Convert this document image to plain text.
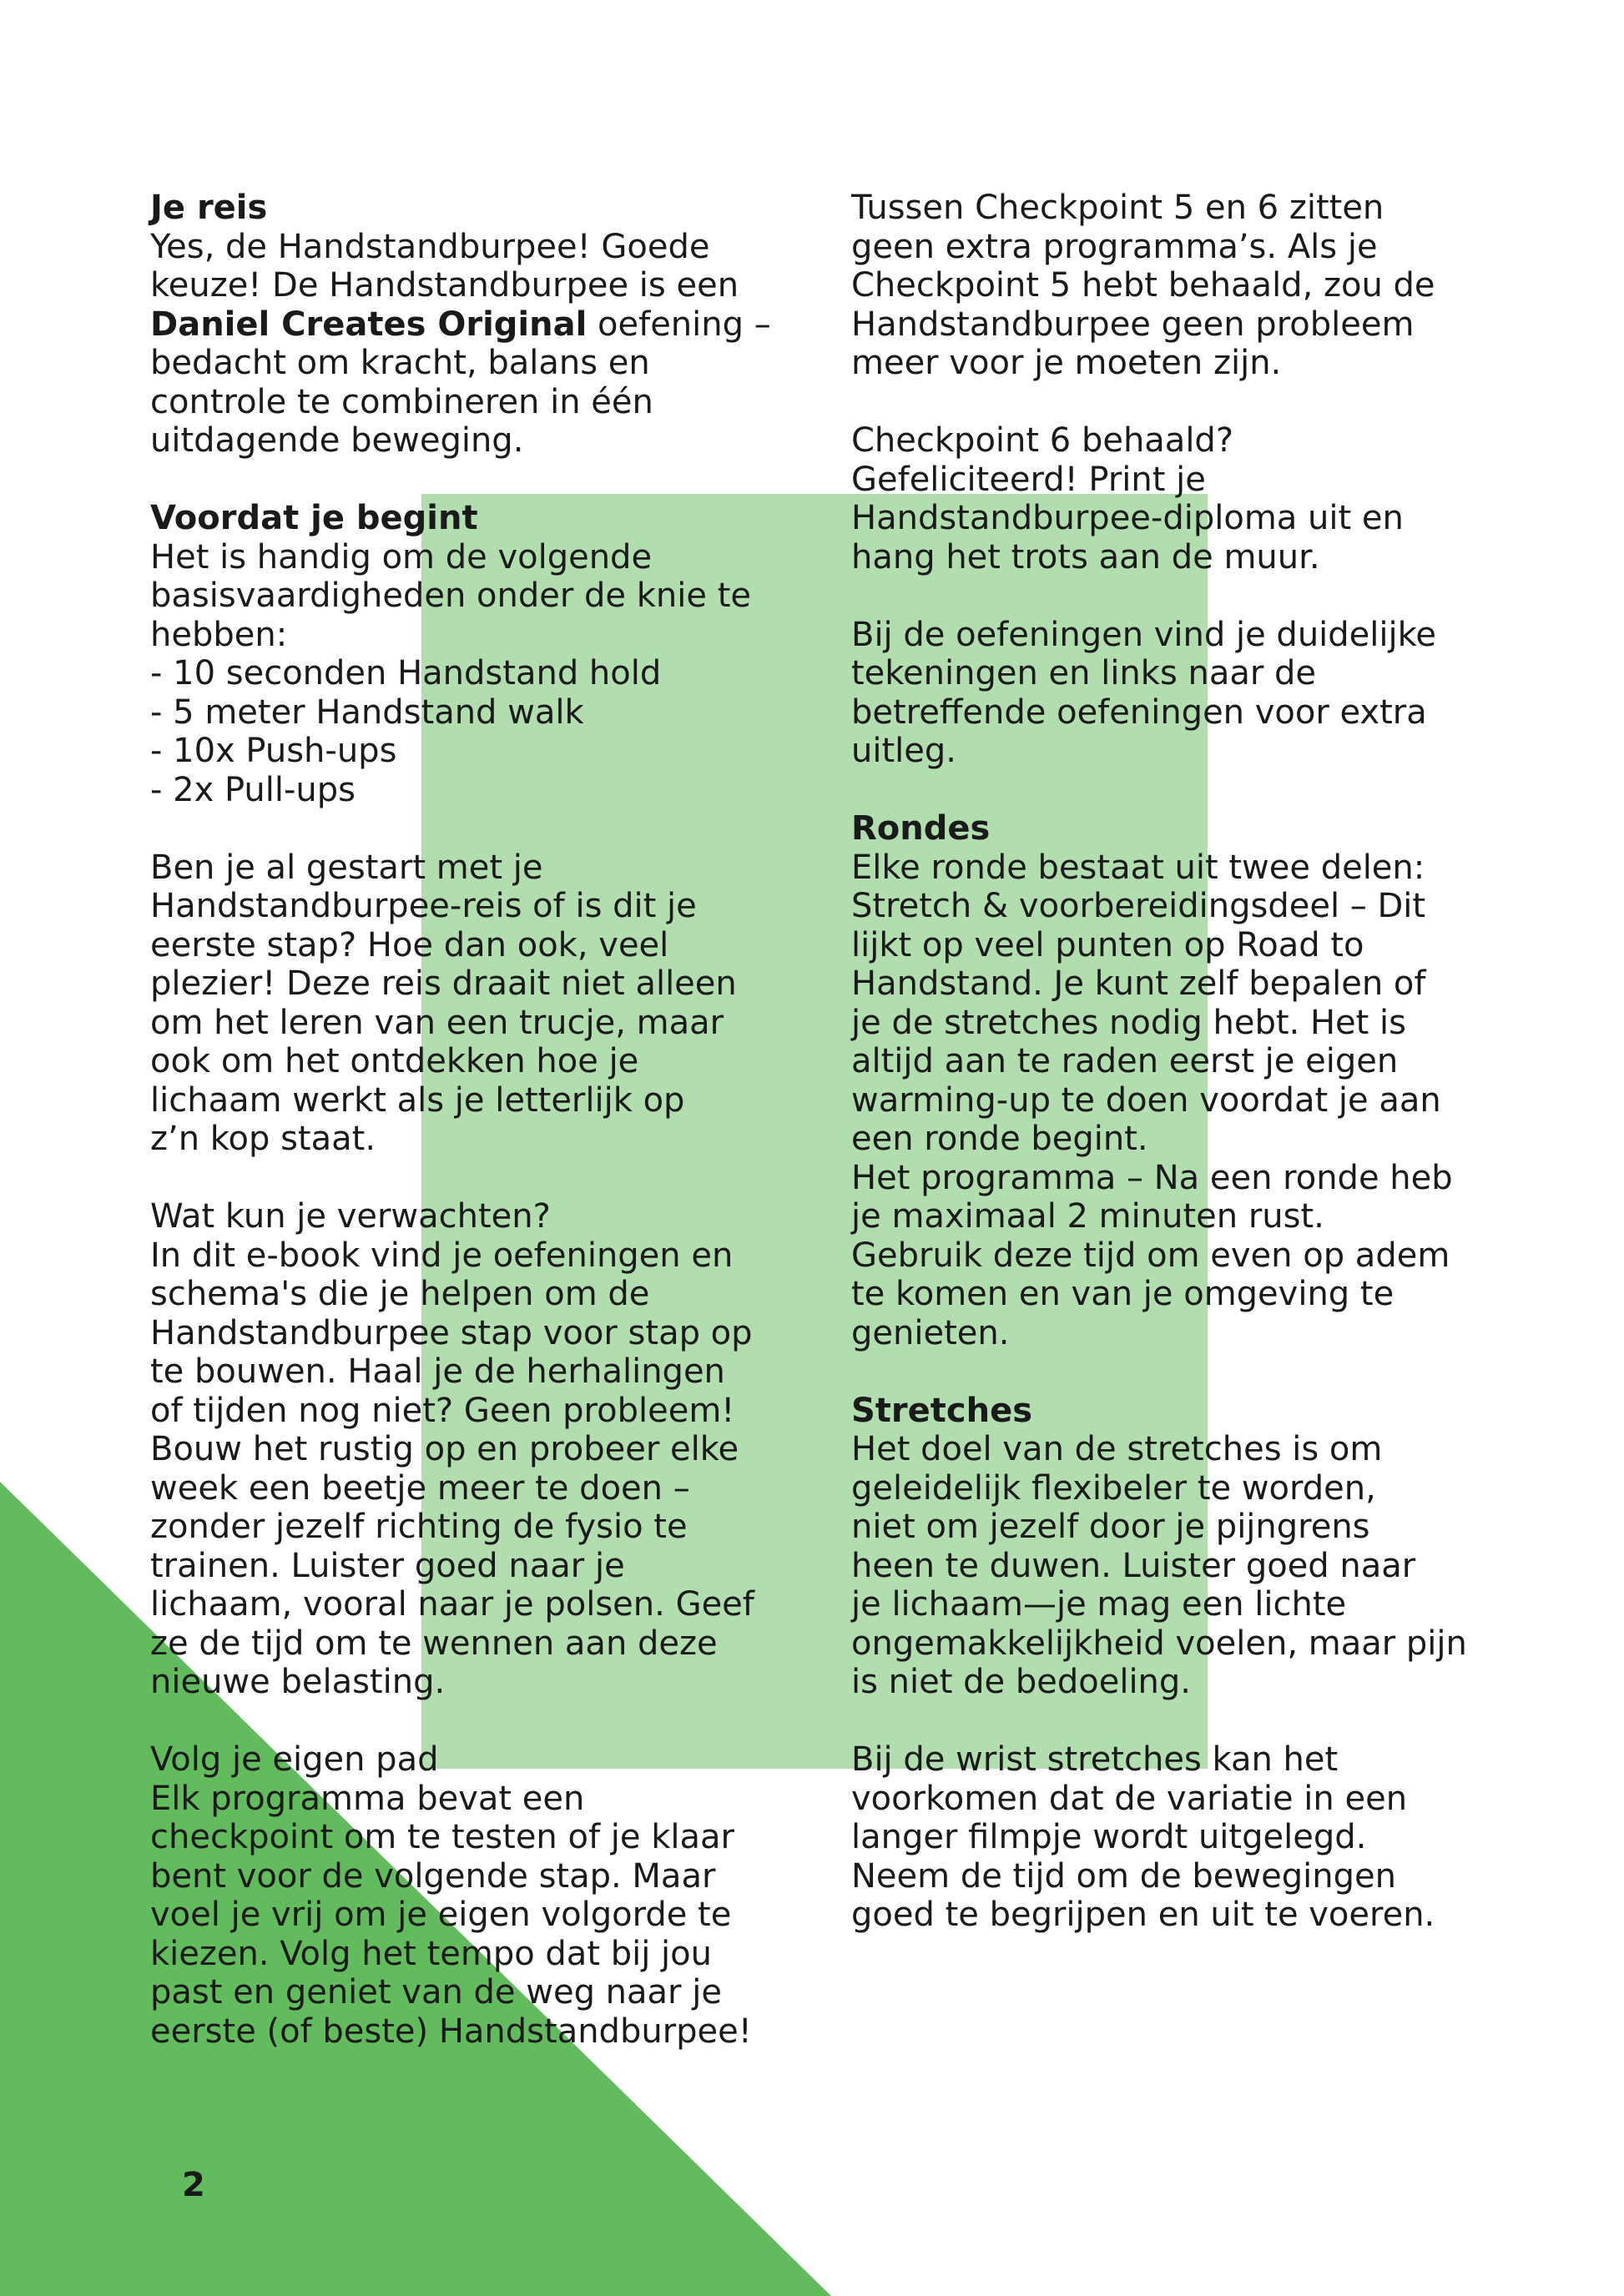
Je reis
Yes, de Handstandburpee! Goede
keuze! De Handstandburpee is een
Daniel Creates Original oefening –
bedacht om kracht, balans en
controle te combineren in één
uitdagende beweging.
Voordat je begint
Het is handig om de volgende
basisvaardigheden onder de knie te
hebben:
- 10 seconden Handstand hold
- 5 meter Handstand walk
- 10x Push-ups
- 2x Pull-ups
Ben je al gestart met je
Handstandburpee-reis of is dit je
eerste stap? Hoe dan ook, veel
plezier! Deze reis draait niet alleen
om het leren van een trucje, maar
ook om het ontdekken hoe je
lichaam werkt als je letterlijk op
z’n kop staat.
Wat kun je verwachten?
In dit e-book vind je oefeningen en
schema's die je helpen om de
Handstandburpee stap voor stap op
te bouwen. Haal je de herhalingen
of tijden nog niet? Geen probleem!
Bouw het rustig op en probeer elke
week een beetje meer te doen –
zonder jezelf richting de fysio te
trainen. Luister goed naar je
lichaam, vooral naar je polsen. Geef
ze de tijd om te wennen aan deze
nieuwe belasting.
Volg je eigen pad
Elk programma bevat een
checkpoint om te testen of je klaar
bent voor de volgende stap. Maar
voel je vrij om je eigen volgorde te
kiezen. Volg het tempo dat bij jou
past en geniet van de weg naar je
eerste (of beste) Handstandburpee!
Tussen Checkpoint 5 en 6 zitten
geen extra programma’s. Als je
Checkpoint 5 hebt behaald, zou de
Handstandburpee geen probleem
meer voor je moeten zijn.
Checkpoint 6 behaald?
Gefeliciteerd! Print je
Handstandburpee-diploma uit en
hang het trots aan de muur.
Bij de oefeningen vind je duidelijke
tekeningen en links naar de
betreffende oefeningen voor extra
uitleg.
Rondes
Elke ronde bestaat uit twee delen:
Stretch & voorbereidingsdeel – Dit
lijkt op veel punten op Road to
Handstand. Je kunt zelf bepalen of
je de stretches nodig hebt. Het is
altijd aan te raden eerst je eigen
warming-up te doen voordat je aan
een ronde begint.
Het programma – Na een ronde heb
je maximaal 2 minuten rust.
Gebruik deze tijd om even op adem
te komen en van je omgeving te
genieten.
Stretches
Het doel van de stretches is om
geleidelijk flexibeler te worden,
niet om jezelf door je pijngrens
heen te duwen. Luister goed naar
je lichaam—je mag een lichte
ongemakkelijkheid voelen, maar pijn
is niet de bedoeling.
Bij de wrist stretches kan het
voorkomen dat de variatie in een
langer filmpje wordt uitgelegd.
Neem de tijd om de bewegingen
goed te begrijpen en uit te voeren.
2
